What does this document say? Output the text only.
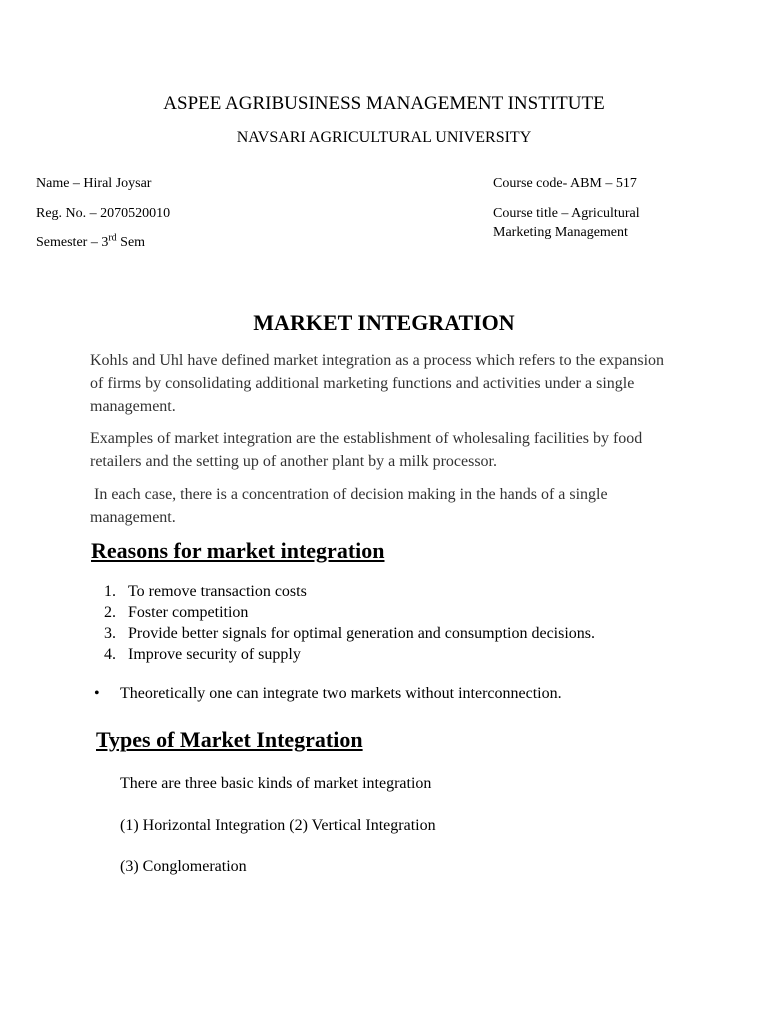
ASPEE AGRIBUSINESS MANAGEMENT INSTITUTE
NAVSARI AGRICULTURAL UNIVERSITY
Name – Hiral Joysar
Reg. No. – 2070520010
Semester – 3rd Sem
Course code- ABM – 517
Course title – Agricultural
Marketing Management
MARKET INTEGRATION
Kohls and Uhl have defined market integration as a process which refers to the expansion of firms by consolidating additional marketing functions and activities under a single management.
Examples of market integration are the establishment of wholesaling facilities by food retailers and the setting up of another plant by a milk processor.
In each case, there is a concentration of decision making in the hands of a single management.
Reasons for market integration
1. To remove transaction costs
2. Foster competition
3. Provide better signals for optimal generation and consumption decisions.
4. Improve security of supply
•	Theoretically one can integrate two markets without interconnection.
Types of Market Integration
There are three basic kinds of market integration
(1) Horizontal Integration (2) Vertical Integration
(3) Conglomeration
